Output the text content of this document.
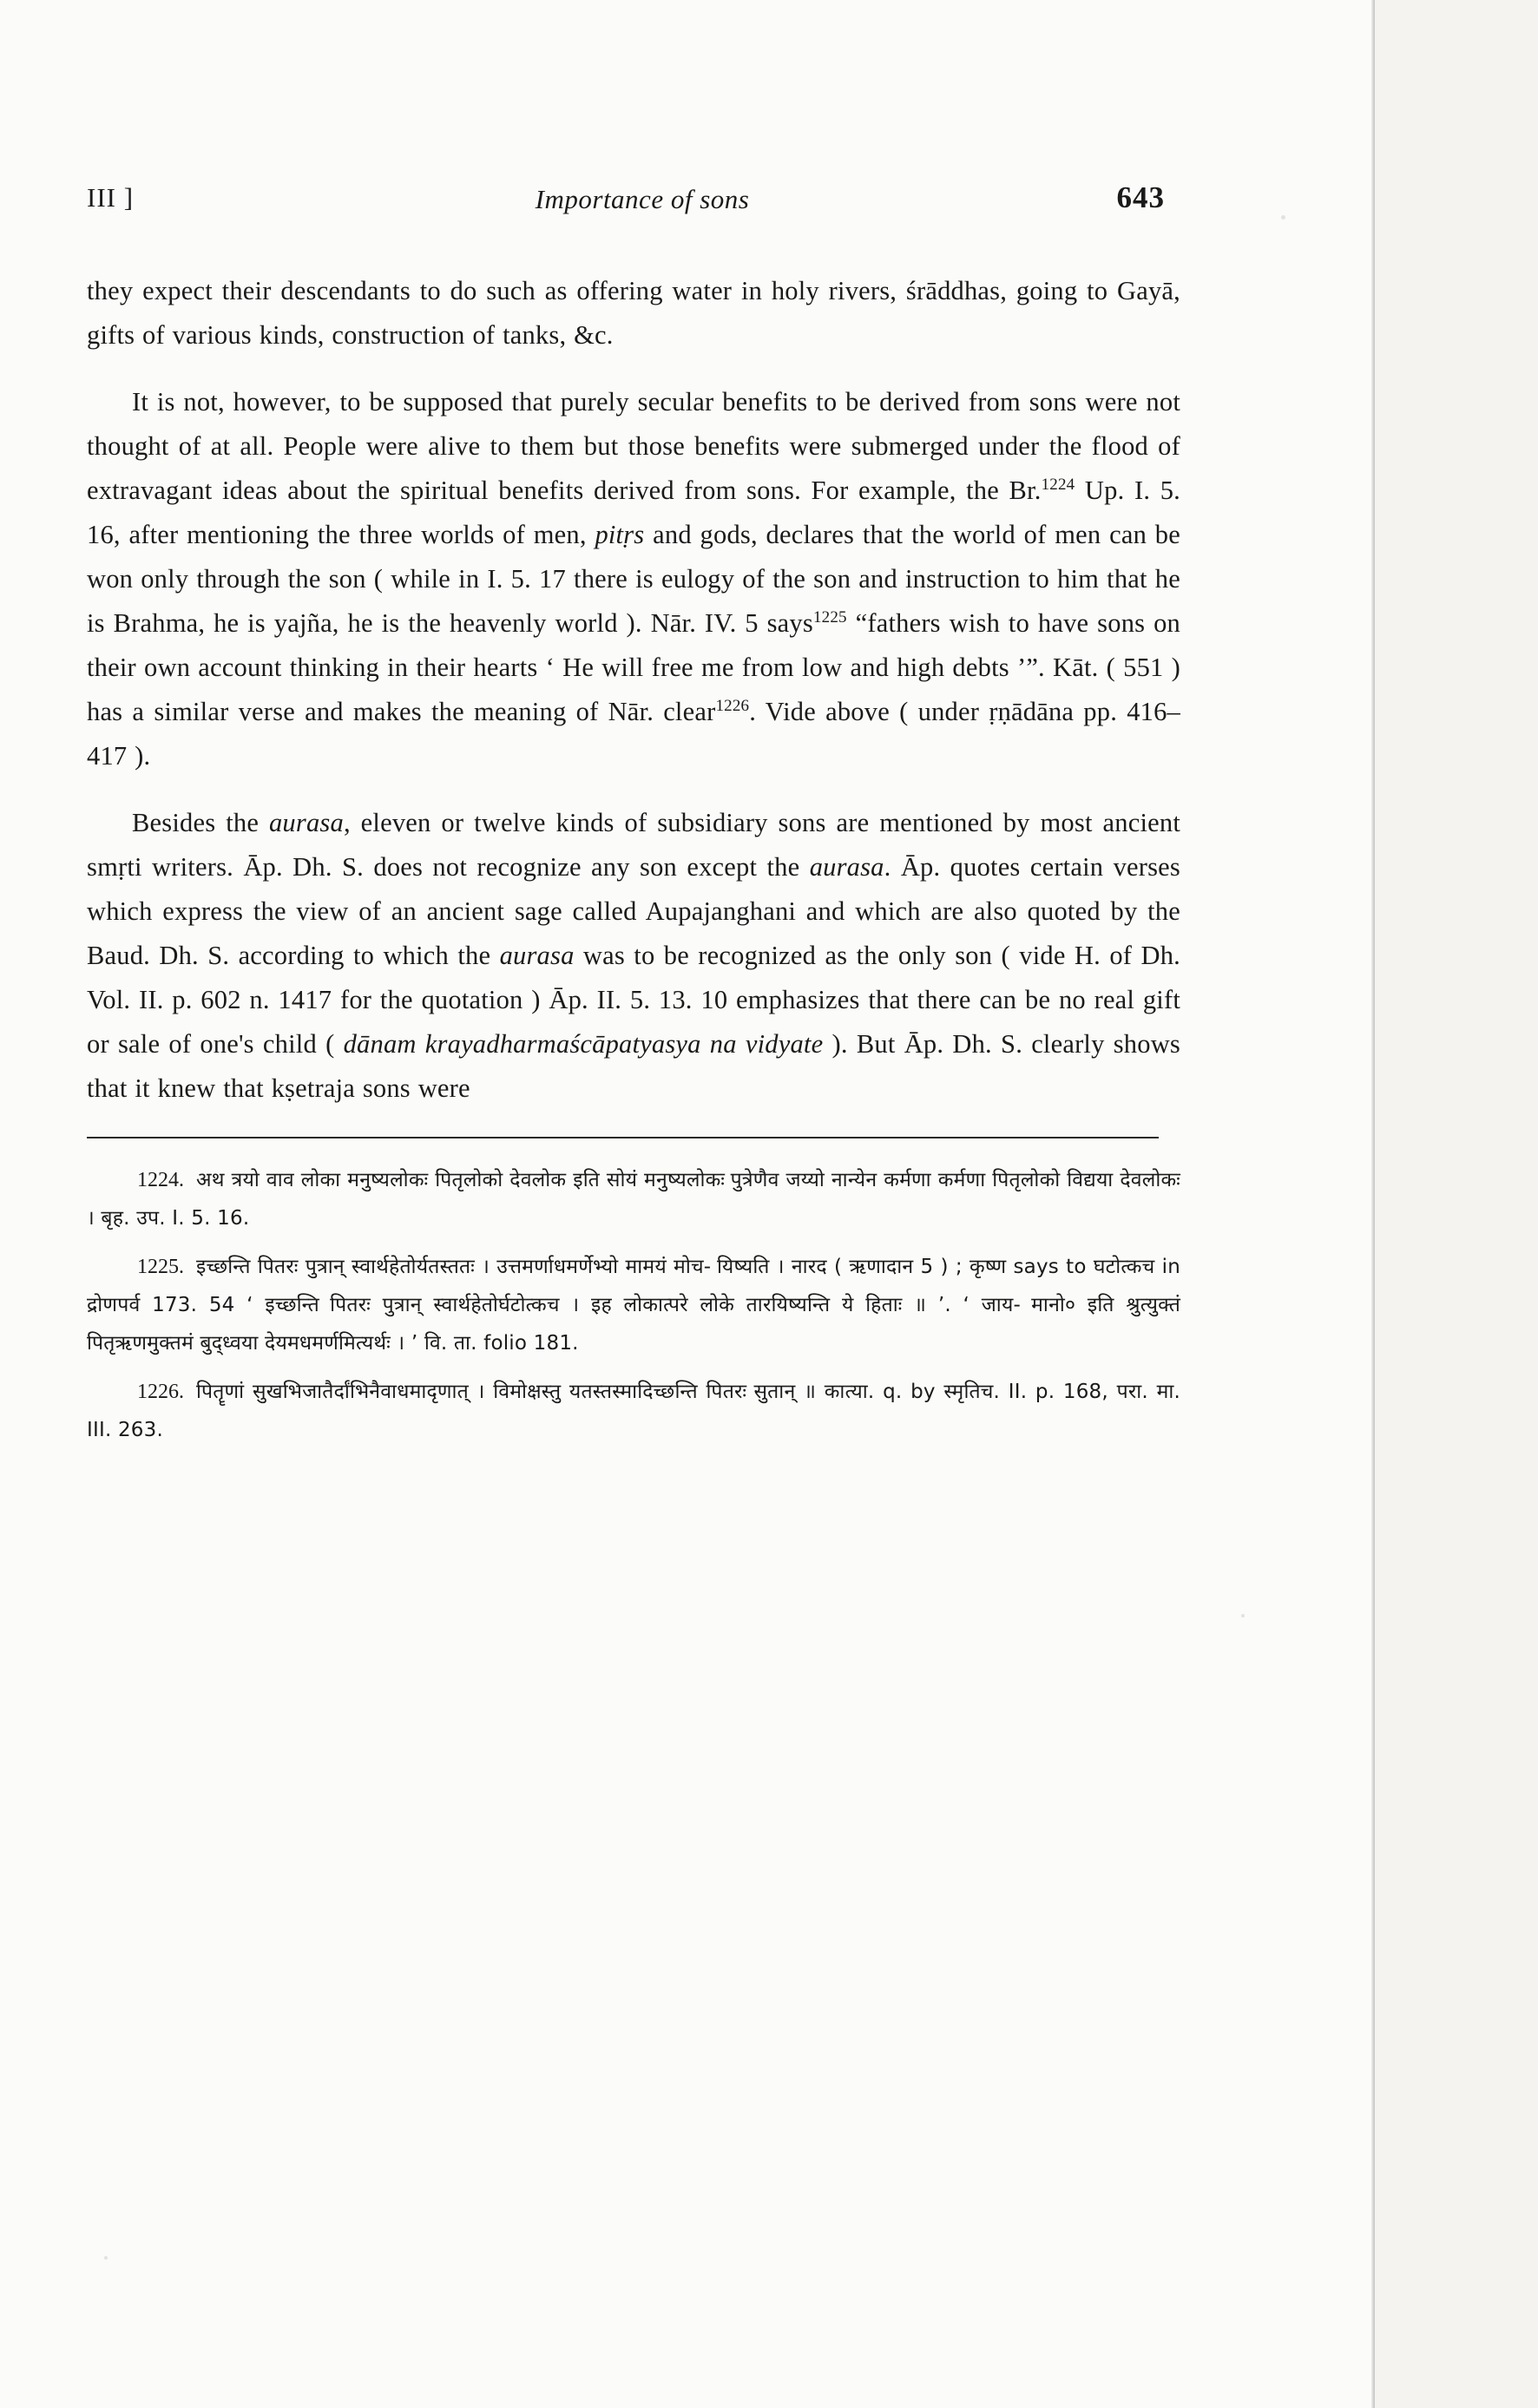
III ]	Importance of sons	643

they expect their descendants to do such as offering water in holy rivers, śrāddhas, going to Gayā, gifts of various kinds, construction of tanks, &c.

It is not, however, to be supposed that purely secular benefits to be derived from sons were not thought of at all. People were alive to them but those benefits were submerged under the flood of extravagant ideas about the spiritual benefits derived from sons. For example, the Br.$^{1224}$ Up. I. 5. 16, after mentioning the three worlds of men, pitṛs and gods, declares that the world of men can be won only through the son ( while in I. 5. 17 there is eulogy of the son and instruction to him that he is Brahma, he is yajña, he is the heavenly world ). Nār. IV. 5 says$^{1225}$ “fathers wish to have sons on their own account thinking in their hearts ‘ He will free me from low and high debts ’”. Kāt. ( 551 ) has a similar verse and makes the meaning of Nār. clear$^{1226}$. Vide above ( under ṛṇādāna pp. 416–417 ).

Besides the aurasa, eleven or twelve kinds of subsidiary sons are mentioned by most ancient smṛti writers. Āp. Dh. S. does not recognize any son except the aurasa. Āp. quotes certain verses which express the view of an ancient sage called Aupajanghani and which are also quoted by the Baud. Dh. S. according to which the aurasa was to be recognized as the only son ( vide H. of Dh. Vol. II. p. 602 n. 1417 for the quotation ) Āp. II. 5. 13. 10 emphasizes that there can be no real gift or sale of one's child ( dānam krayadharmaścāpatyasya na vidyate ). But Āp. Dh. S. clearly shows that it knew that kṣetraja sons were

1224. अथ त्रयो वाव लोका मनुष्यलोकः पितृलोको देवलोक इति सोयं मनुष्यलोकः पुत्रेणैव जय्यो नान्येन कर्मणा कर्मणा पितृलोको विद्यया देवलोकः । बृह. उप. I. 5. 16.
1225. इच्छन्ति पितरः पुत्रान् स्वार्थहेतोर्यतस्ततः । उत्तमर्णाधमर्णेभ्यो मामयं मोच- यिष्यति । नारद ( ऋणादान 5 ) ; कृष्ण says to घटोत्कच in द्रोणपर्व 173. 54 ‘ इच्छन्ति पितरः पुत्रान् स्वार्थहेतोर्घटोत्कच । इह लोकात्परे लोके तारयिष्यन्ति ये हिताः ॥ ’. ‘ जाय- मानो० इति श्रुत्युक्तं पितृऋणमुक्तमं बुद्ध्वया देयमधमर्णमित्यर्थः । ’ वि. ता. folio 181.
1226. पितॄणां सुखभिजातैर्दांभिनैवाधमादृणात् । विमोक्षस्तु यतस्तस्मादिच्छन्ति पितरः सुतान् ॥ कात्या. q. by स्मृतिच. II. p. 168, परा. मा. III. 263.
